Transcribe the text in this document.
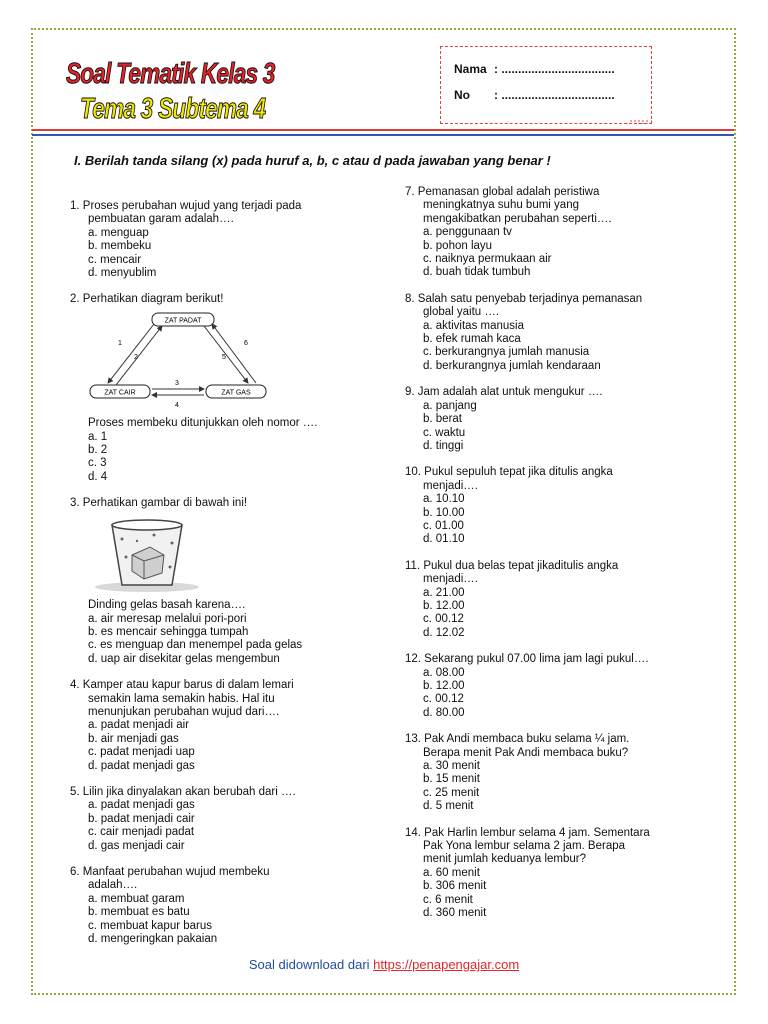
Soal Tematik Kelas 3
Tema 3 Subtema 4
Nama : ..................................
No : ..................................
I. Berilah tanda silang (x) pada huruf a, b, c atau d pada jawaban yang benar !
1. Proses perubahan wujud yang terjadi pada
pembuatan garam adalah….
a. menguap
b. membeku
c. mencair
d. menyublim
2. Perhatikan diagram berikut!
ZAT PADAT
ZAT CAIR	ZAT GAS
1
2
3
4
5
6
Proses membeku ditunjukkan oleh nomor ….
a. 1
b. 2
c. 3
d. 4
3. Perhatikan gambar di bawah ini!
Dinding gelas basah karena….
a. air meresap melalui pori-pori
b. es mencair sehingga tumpah
c. es menguap dan menempel pada gelas
d. uap air disekitar gelas mengembun
4. Kamper atau kapur barus di dalam lemari
semakin lama semakin habis. Hal itu
menunjukan perubahan wujud dari….
a. padat menjadi air
b. air menjadi gas
c. padat menjadi uap
d. padat menjadi gas
5. Lilin jika dinyalakan akan berubah dari ….
a. padat menjadi gas
b. padat menjadi cair
c. cair menjadi padat
d. gas menjadi cair
6. Manfaat perubahan wujud membeku
adalah….
a. membuat garam
b. membuat es batu
c. membuat kapur barus
d. mengeringkan pakaian
7. Pemanasan global adalah peristiwa
meningkatnya suhu bumi yang
mengakibatkan perubahan seperti….
a. penggunaan tv
b. pohon layu
c. naiknya permukaan air
d. buah tidak tumbuh
8. Salah satu penyebab terjadinya pemanasan
global yaitu ….
a. aktivitas manusia
b. efek rumah kaca
c. berkurangnya jumlah manusia
d. berkurangnya jumlah kendaraan
9. Jam adalah alat untuk mengukur ….
a. panjang
b. berat
c. waktu
d. tinggi
10. Pukul sepuluh tepat jika ditulis angka
menjadi….
a. 10.10
b. 10.00
c. 01.00
d. 01.10
11. Pukul dua belas tepat jikaditulis angka
menjadi….
a. 21.00
b. 12.00
c. 00.12
d. 12.02
12. Sekarang pukul 07.00 lima jam lagi pukul….
a. 08.00
b. 12.00
c. 00.12
d. 80.00
13. Pak Andi membaca buku selama ¼ jam.
Berapa menit Pak Andi membaca buku?
a. 30 menit
b. 15 menit
c. 25 menit
d. 5 menit
14. Pak Harlin lembur selama 4 jam. Sementara
Pak Yona lembur selama 2 jam. Berapa
menit jumlah keduanya lembur?
a. 60 menit
b. 306 menit
c. 6 menit
d. 360 menit
Soal didownload dari https://penapengajar.com
